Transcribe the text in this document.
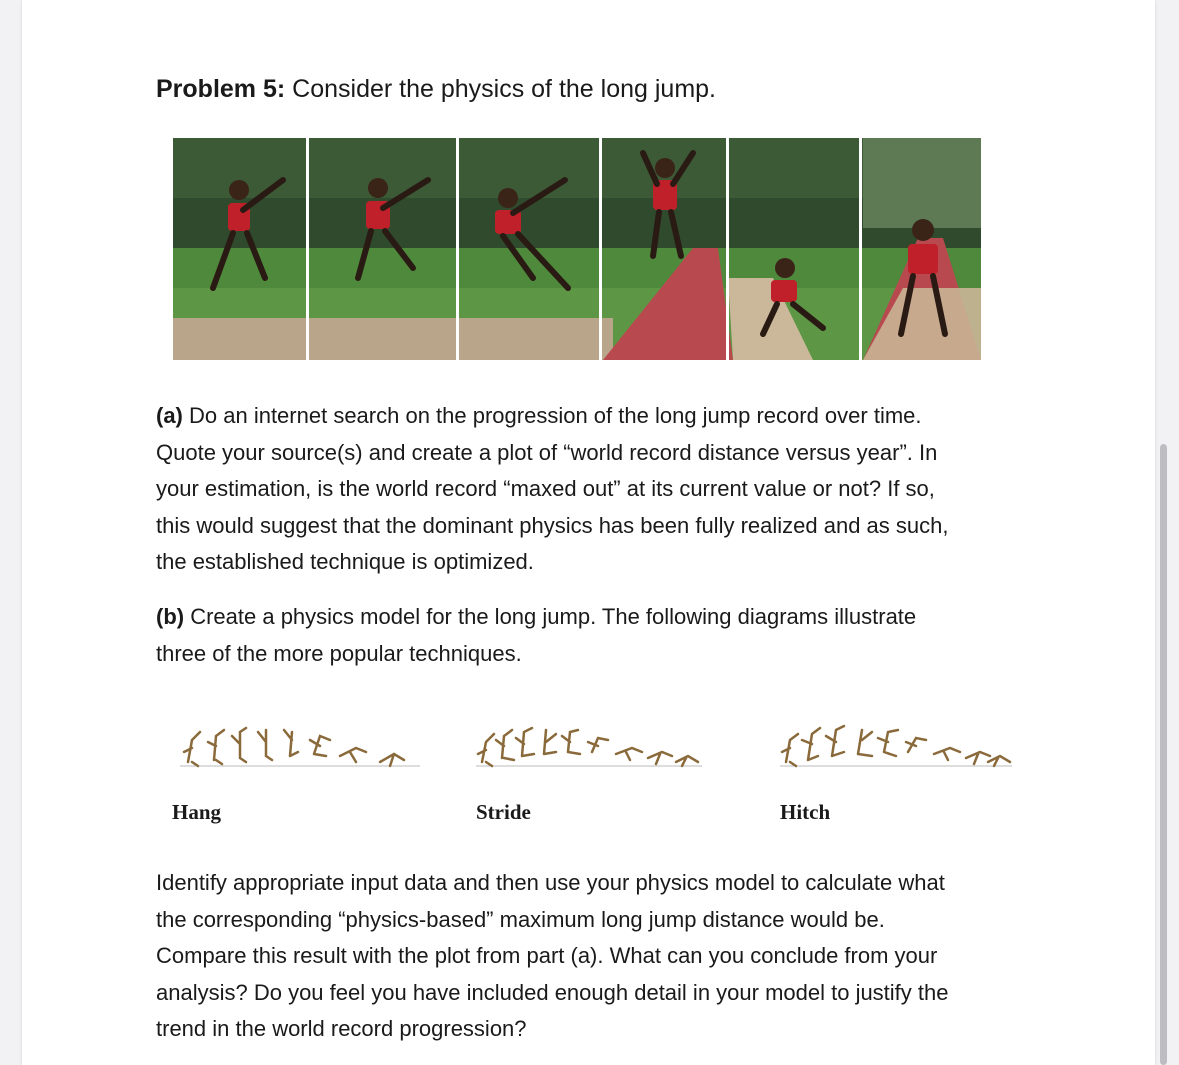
Problem 5: Consider the physics of the long jump.
(a) Do an internet search on the progression of the long jump record over time.
Quote your source(s) and create a plot of “world record distance versus year”. In
your estimation, is the world record “maxed out” at its current value or not? If so,
this would suggest that the dominant physics has been fully realized and as such,
the established technique is optimized.
(b) Create a physics model for the long jump. The following diagrams illustrate
three of the more popular techniques.
Hang	Stride	Hitch
Identify appropriate input data and then use your physics model to calculate what
the corresponding “physics-based” maximum long jump distance would be.
Compare this result with the plot from part (a). What can you conclude from your
analysis? Do you feel you have included enough detail in your model to justify the
trend in the world record progression?
